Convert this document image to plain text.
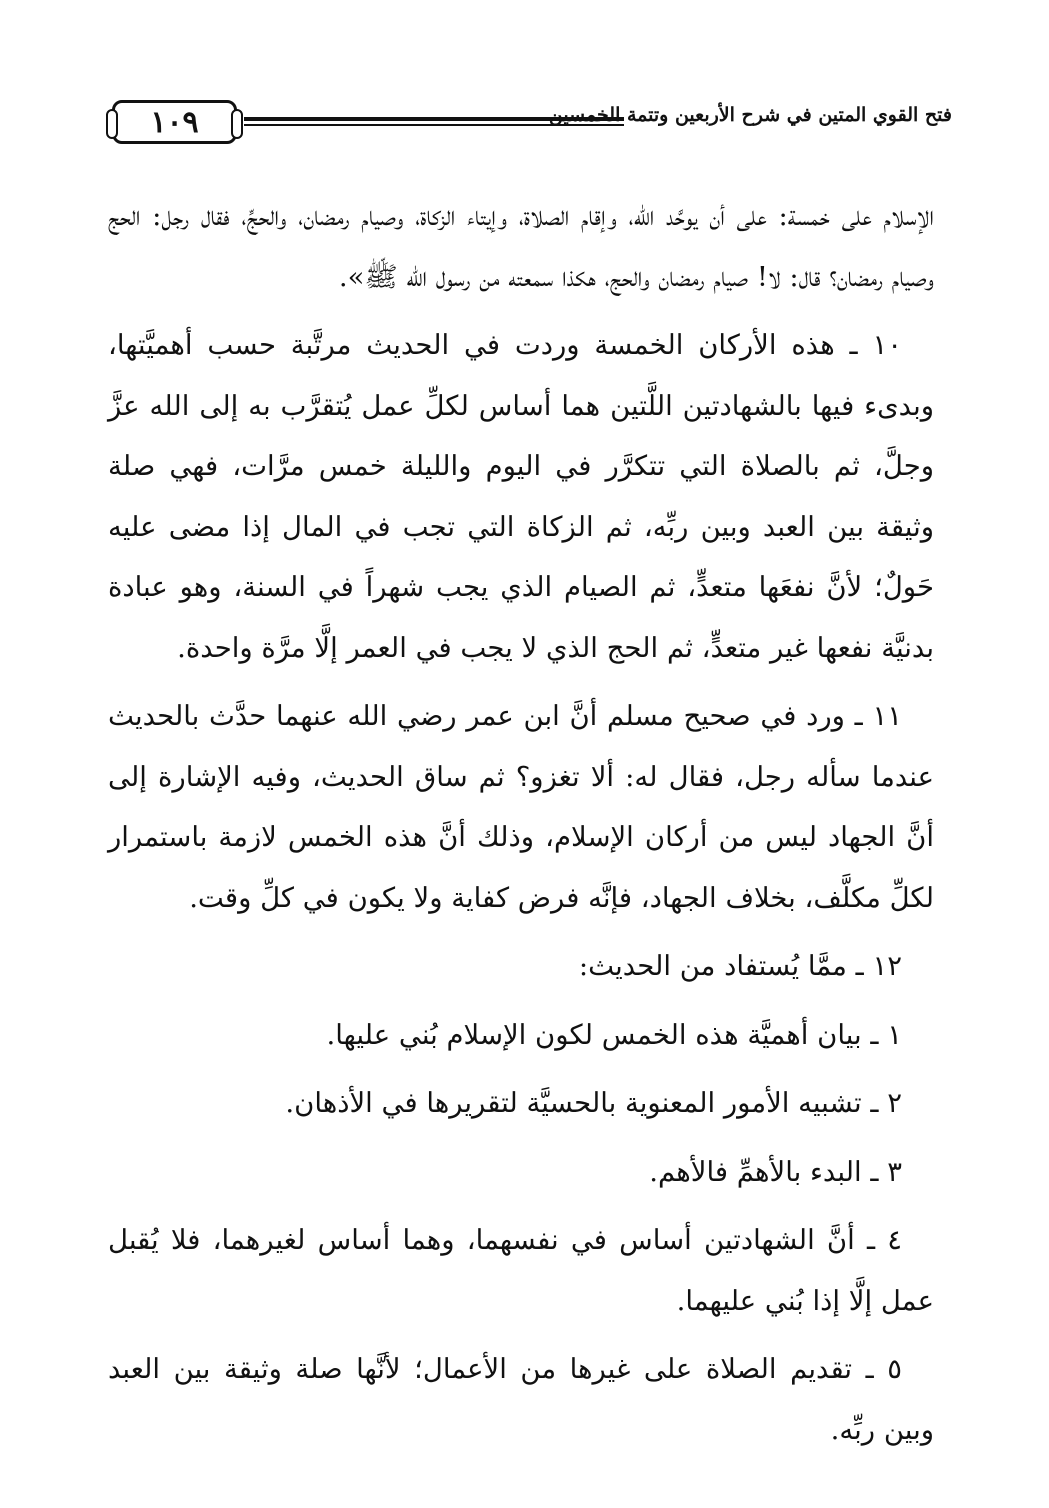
١٠٩	فتح القوي المتين في شرح الأربعين وتتمة الخمسين

الإسلام على خمسة: على أن يوحَّد الله، وإقام الصلاة، وإيتاء الزكاة، وصيام رمضان، والحجِّ، فقال رجل: الحج وصيام رمضان؟ قال: لا! صيام رمضان والحج، هكذا سمعته من رسول الله ﷺ».

١٠ ـ هذه الأركان الخمسة وردت في الحديث مرتَّبة حسب أهميَّتها، وبدىء فيها بالشهادتين اللَّتين هما أساس لكلِّ عمل يُتقرَّب به إلى الله عزَّ وجلَّ، ثم بالصلاة التي تتكرَّر في اليوم والليلة خمس مرَّات، فهي صلة وثيقة بين العبد وبين ربِّه، ثم الزكاة التي تجب في المال إذا مضى عليه حَولٌ؛ لأنَّ نفعَها متعدٍّ، ثم الصيام الذي يجب شهراً في السنة، وهو عبادة بدنيَّة نفعها غير متعدٍّ، ثم الحج الذي لا يجب في العمر إلَّا مرَّة واحدة.

١١ ـ ورد في صحيح مسلم أنَّ ابن عمر رضي الله عنهما حدَّث بالحديث عندما سأله رجل، فقال له: ألا تغزو؟ ثم ساق الحديث، وفيه الإشارة إلى أنَّ الجهاد ليس من أركان الإسلام، وذلك أنَّ هذه الخمس لازمة باستمرار لكلِّ مكلَّف، بخلاف الجهاد، فإنَّه فرض كفاية ولا يكون في كلِّ وقت.

١٢ ـ ممَّا يُستفاد من الحديث:

١ ـ بيان أهميَّة هذه الخمس لكون الإسلام بُني عليها.

٢ ـ تشبيه الأمور المعنوية بالحسيَّة لتقريرها في الأذهان.

٣ ـ البدء بالأهمِّ فالأهم.

٤ ـ أنَّ الشهادتين أساس في نفسهما، وهما أساس لغيرهما، فلا يُقبل عمل إلَّا إذا بُني عليهما.

٥ ـ تقديم الصلاة على غيرها من الأعمال؛ لأنَّها صلة وثيقة بين العبد وبين ربِّه.
